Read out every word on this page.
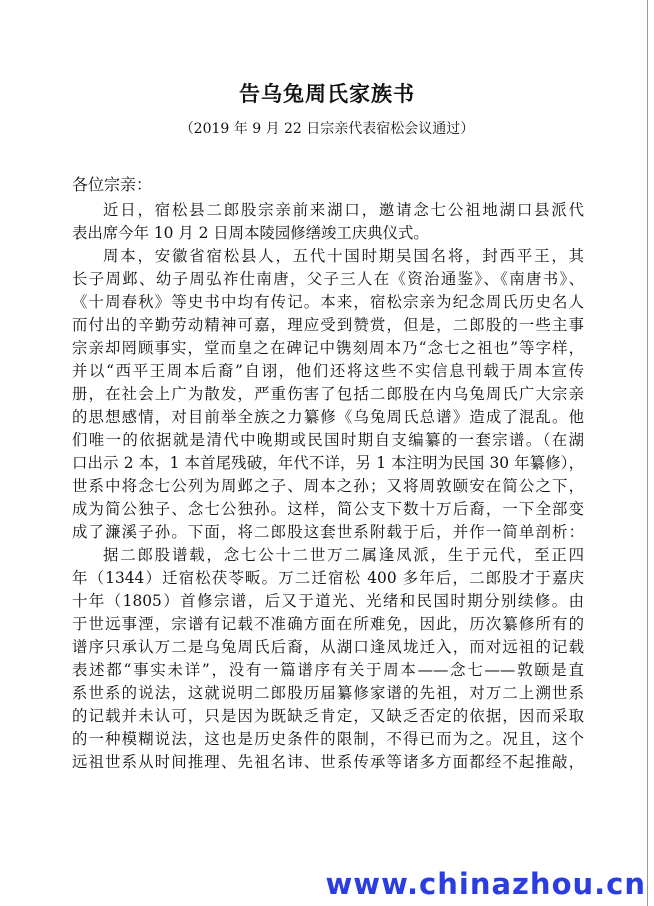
告乌兔周氏家族书
（2019 年 9 月 22 日宗亲代表宿松会议通过）
各位宗亲：
近日，宿松县二郎股宗亲前来湖口，邀请念七公祖地湖口县派代
表出席今年 10 月 2 日周本陵园修缮竣工庆典仪式。
周本，安徽省宿松县人，五代十国时期吴国名将，封西平王，其
长子周邺、幼子周弘祚仕南唐，父子三人在《资治通鉴》、《南唐书》、
《十周春秋》等史书中均有传记。本来，宿松宗亲为纪念周氏历史名人
而付出的辛勤劳动精神可嘉，理应受到赞赏，但是，二郎股的一些主事
宗亲却罔顾事实，堂而皇之在碑记中镌刻周本乃“念七之祖也”等字样，
并以“西平王周本后裔”自诩，他们还将这些不实信息刊载于周本宣传
册，在社会上广为散发，严重伤害了包括二郎股在内乌兔周氏广大宗亲
的思想感情，对目前举全族之力纂修《乌兔周氏总谱》造成了混乱。他
们唯一的依据就是清代中晚期或民国时期自支编纂的一套宗谱。（在湖
口出示 2 本，1 本首尾残破，年代不详，另 1 本注明为民国 30 年纂修），
世系中将念七公列为周邺之子、周本之孙；又将周敦颐安在简公之下，
成为简公独子、念七公独孙。这样，简公支下数十万后裔，一下全部变
成了濂溪子孙。下面，将二郎股这套世系附载于后，并作一简单剖析：
据二郎股谱载，念七公十二世万二属逢凤派，生于元代，至正四
年（1344）迁宿松茯苓畈。万二迁宿松 400 多年后，二郎股才于嘉庆
十年（1805）首修宗谱，后又于道光、光绪和民国时期分别续修。由
于世远事湮，宗谱有记载不准确方面在所难免，因此，历次纂修所有的
谱序只承认万二是乌兔周氏后裔，从湖口逢凤垅迁入，而对远祖的记载
表述都“事实未详”，没有一篇谱序有关于周本——念七——敦颐是直
系世系的说法，这就说明二郎股历届纂修家谱的先祖，对万二上溯世系
的记载并未认可，只是因为既缺乏肯定，又缺乏否定的依据，因而采取
的一种模糊说法，这也是历史条件的限制，不得已而为之。况且，这个
远祖世系从时间推理、先祖名讳、世系传承等诸多方面都经不起推敲，
www.chinazhou.cn
